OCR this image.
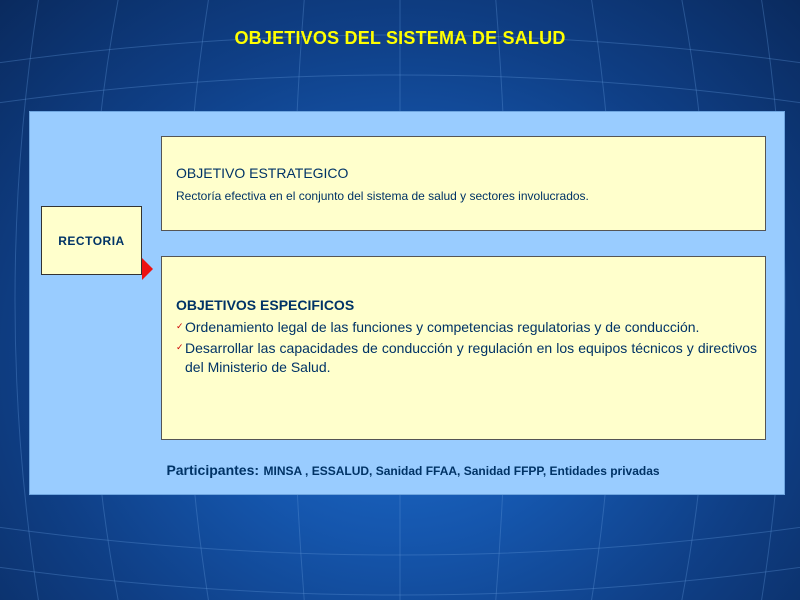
OBJETIVOS DEL SISTEMA DE SALUD
RECTORIA
OBJETIVO ESTRATEGICO
Rectoría efectiva en el conjunto del sistema de salud y sectores involucrados.
OBJETIVOS ESPECIFICOS
✓ Ordenamiento legal de las funciones y competencias regulatorias y de conducción.
✓ Desarrollar las capacidades de conducción y regulación en los equipos técnicos y directivos del Ministerio de Salud.
Participantes: MINSA , ESSALUD, Sanidad FFAA, Sanidad FFPP, Entidades privadas
